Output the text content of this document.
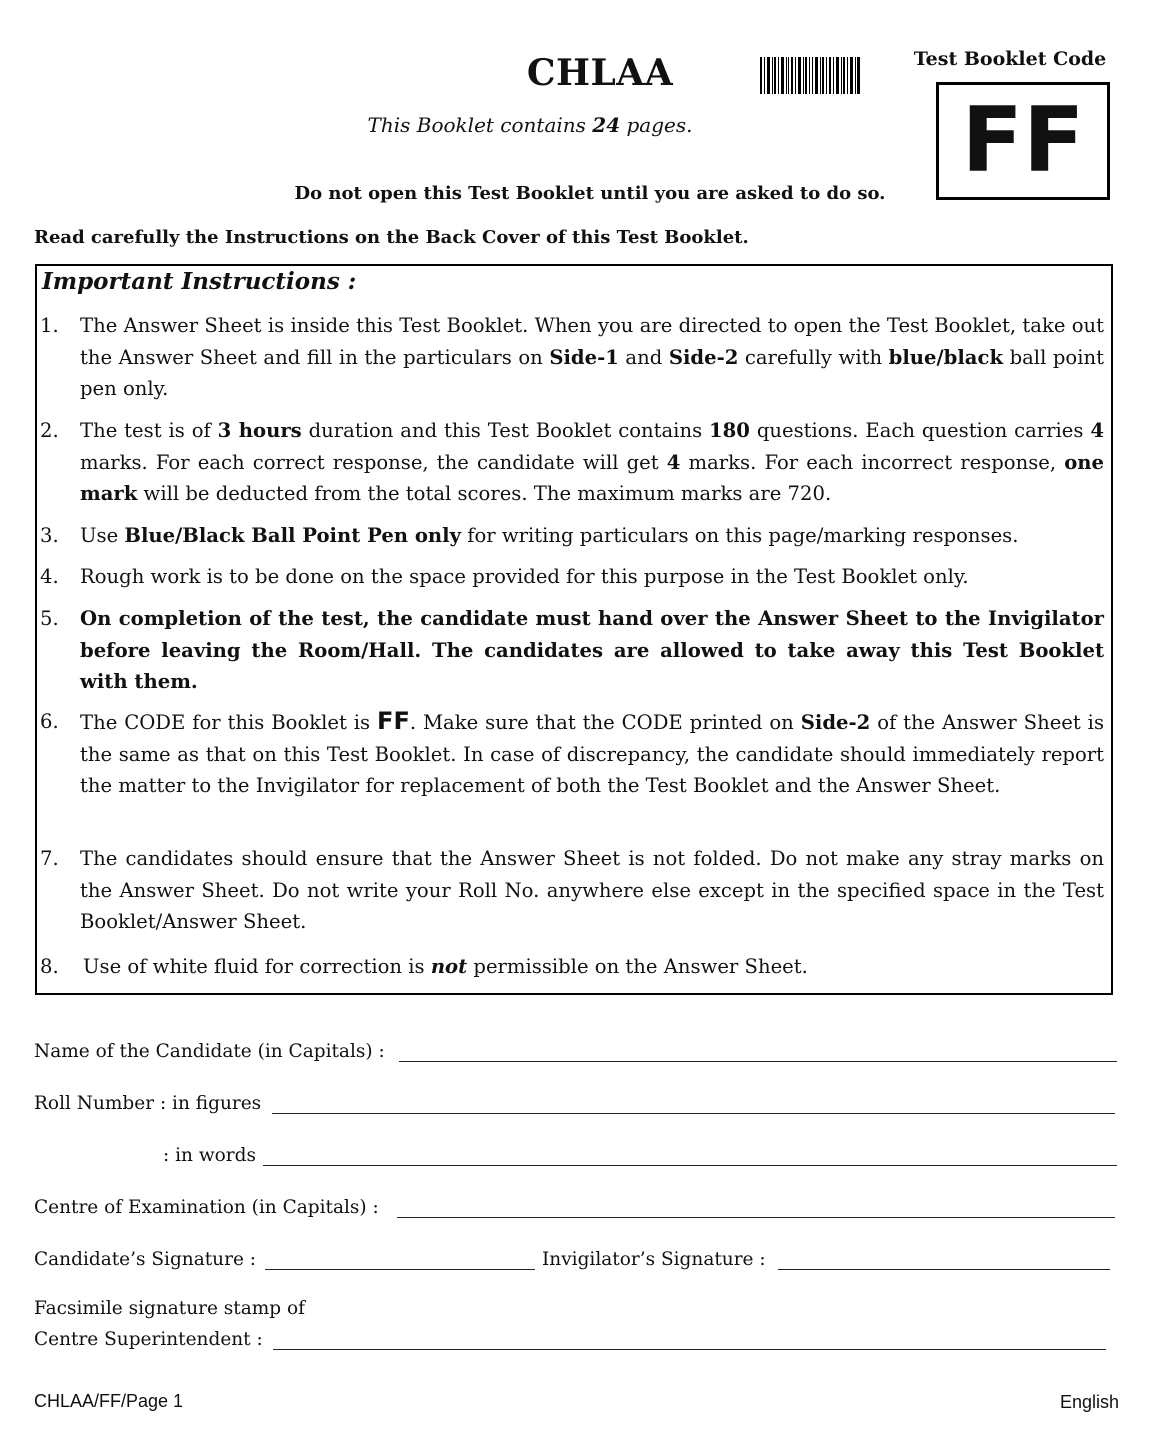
CHLAA	Test Booklet Code
FF
This Booklet contains 24 pages.
Do not open this Test Booklet until you are asked to do so.
Read carefully the Instructions on the Back Cover of this Test Booklet.
Important Instructions :
1.	The Answer Sheet is inside this Test Booklet. When you are directed to open the Test Booklet, take out the Answer Sheet and fill in the particulars on Side-1 and Side-2 carefully with blue/black ball point pen only.
2.	The test is of 3 hours duration and this Test Booklet contains 180 questions. Each question carries 4 marks. For each correct response, the candidate will get 4 marks. For each incorrect response, one mark will be deducted from the total scores. The maximum marks are 720.
3.	Use Blue/Black Ball Point Pen only for writing particulars on this page/marking responses.
4.	Rough work is to be done on the space provided for this purpose in the Test Booklet only.
5.	On completion of the test, the candidate must hand over the Answer Sheet to the Invigilator before leaving the Room/Hall. The candidates are allowed to take away this Test Booklet with them.
6.	The CODE for this Booklet is FF. Make sure that the CODE printed on Side-2 of the Answer Sheet is the same as that on this Test Booklet. In case of discrepancy, the candidate should immediately report the matter to the Invigilator for replacement of both the Test Booklet and the Answer Sheet.
7.	The candidates should ensure that the Answer Sheet is not folded. Do not make any stray marks on the Answer Sheet. Do not write your Roll No. anywhere else except in the specified space in the Test Booklet/Answer Sheet.
8.	Use of white fluid for correction is not permissible on the Answer Sheet.
Name of the Candidate (in Capitals) :
Roll Number : in figures
: in words
Centre of Examination (in Capitals) :
Candidate’s Signature :	Invigilator’s Signature :
Facsimile signature stamp of
Centre Superintendent :
CHLAA/FF/Page 1	English
